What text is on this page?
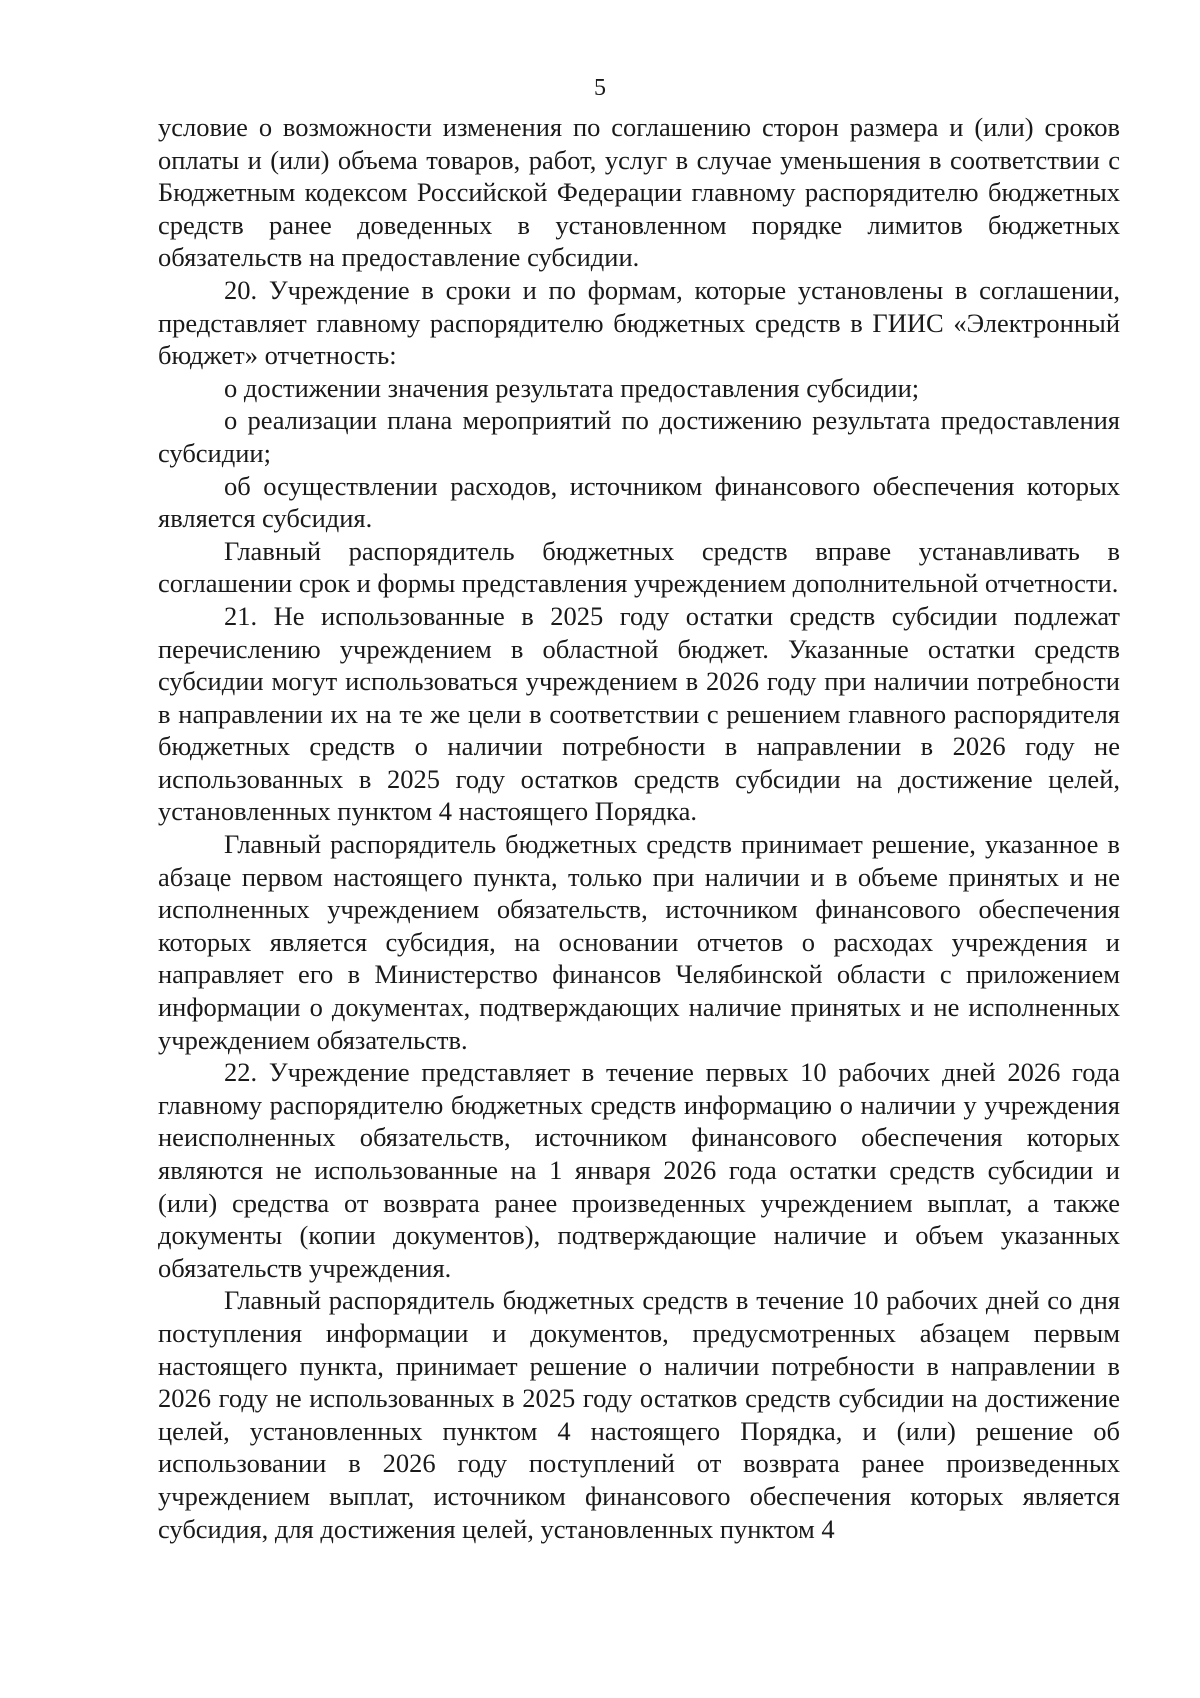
5

условие о возможности изменения по соглашению сторон размера и (или) сроков оплаты и (или) объема товаров, работ, услуг в случае уменьшения в соответствии с Бюджетным кодексом Российской Федерации главному распорядителю бюджетных средств ранее доведенных в установленном порядке лимитов бюджетных обязательств на предоставление субсидии.

20. Учреждение в сроки и по формам, которые установлены в соглашении, представляет главному распорядителю бюджетных средств в ГИИС «Электронный бюджет» отчетность:

о достижении значения результата предоставления субсидии;

о реализации плана мероприятий по достижению результата предоставления субсидии;

об осуществлении расходов, источником финансового обеспечения которых является субсидия.

Главный распорядитель бюджетных средств вправе устанавливать в соглашении срок и формы представления учреждением дополнительной отчетности.

21. Не использованные в 2025 году остатки средств субсидии подлежат перечислению учреждением в областной бюджет. Указанные остатки средств субсидии могут использоваться учреждением в 2026 году при наличии потребности в направлении их на те же цели в соответствии с решением главного распорядителя бюджетных средств о наличии потребности в направлении в 2026 году не использованных в 2025 году остатков средств субсидии на достижение целей, установленных пунктом 4 настоящего Порядка.

Главный распорядитель бюджетных средств принимает решение, указанное в абзаце первом настоящего пункта, только при наличии и в объеме принятых и не исполненных учреждением обязательств, источником финансового обеспечения которых является субсидия, на основании отчетов о расходах учреждения и направляет его в Министерство финансов Челябинской области с приложением информации о документах, подтверждающих наличие принятых и не исполненных учреждением обязательств.

22. Учреждение представляет в течение первых 10 рабочих дней 2026 года главному распорядителю бюджетных средств информацию о наличии у учреждения неисполненных обязательств, источником финансового обеспечения которых являются не использованные на 1 января 2026 года остатки средств субсидии и (или) средства от возврата ранее произведенных учреждением выплат, а также документы (копии документов), подтверждающие наличие и объем указанных обязательств учреждения.

Главный распорядитель бюджетных средств в течение 10 рабочих дней со дня поступления информации и документов, предусмотренных абзацем первым настоящего пункта, принимает решение о наличии потребности в направлении в 2026 году не использованных в 2025 году остатков средств субсидии на достижение целей, установленных пунктом 4 настоящего Порядка, и (или) решение об использовании в 2026 году поступлений от возврата ранее произведенных учреждением выплат, источником финансового обеспечения которых является субсидия, для достижения целей, установленных пунктом 4
